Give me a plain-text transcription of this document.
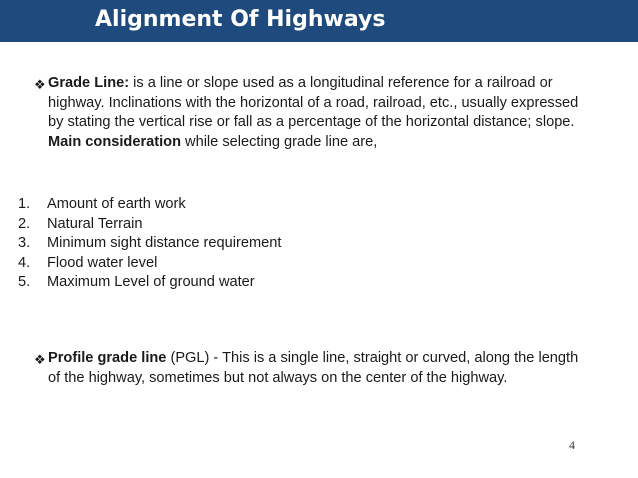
Alignment Of Highways
❖ Grade Line: is a line or slope used as a longitudinal reference for a railroad or highway. Inclinations with the horizontal of a road, railroad, etc., usually expressed by stating the vertical rise or fall as a percentage of the horizontal distance; slope. Main consideration while selecting grade line are,
1. Amount of earth work
2. Natural Terrain
3. Minimum sight distance requirement
4. Flood water level
5. Maximum Level of ground water
❖ Profile grade line (PGL) - This is a single line, straight or curved, along the length of the highway, sometimes but not always on the center of the highway.
4
